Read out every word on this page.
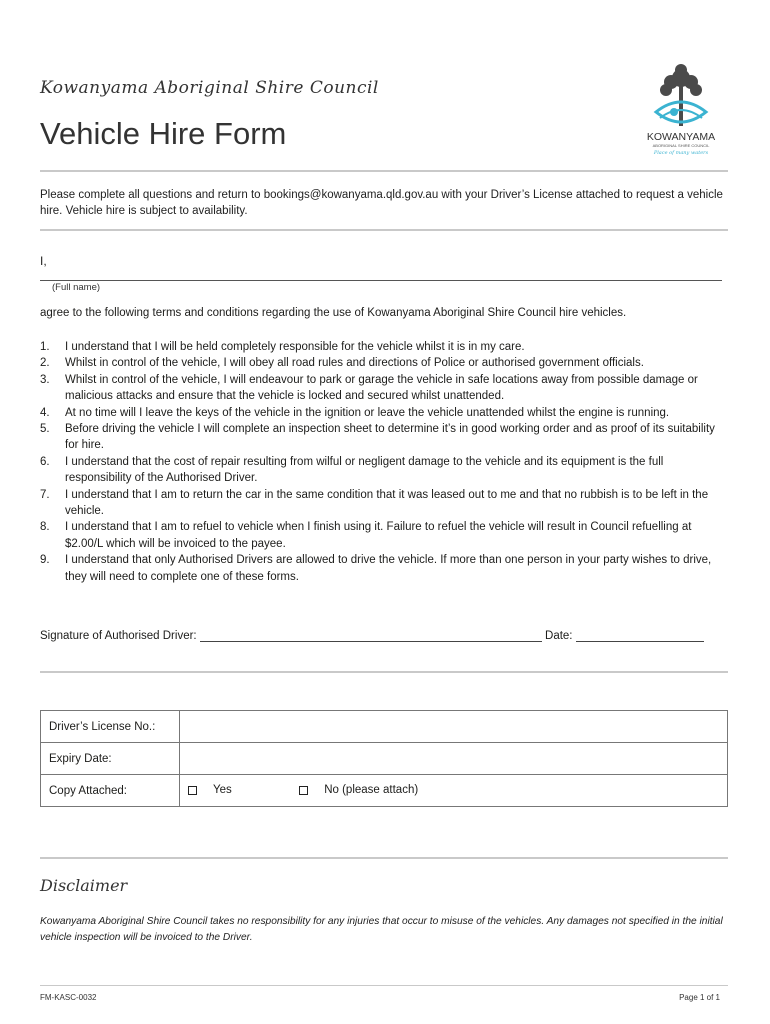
Kowanyama Aboriginal Shire Council
Vehicle Hire Form	KOWANYAMA
ABORIGINAL SHIRE COUNCIL
Place of many waters
Please complete all questions and return to bookings@kowanyama.qld.gov.au with your Driver’s License attached to request a vehicle hire. Vehicle hire is subject to availability.
I,
(Full name)
agree to the following terms and conditions regarding the use of Kowanyama Aboriginal Shire Council hire vehicles.
1. I understand that I will be held completely responsible for the vehicle whilst it is in my care.
2. Whilst in control of the vehicle, I will obey all road rules and directions of Police or authorised government officials.
3. Whilst in control of the vehicle, I will endeavour to park or garage the vehicle in safe locations away from possible damage or malicious attacks and ensure that the vehicle is locked and secured whilst unattended.
4. At no time will I leave the keys of the vehicle in the ignition or leave the vehicle unattended whilst the engine is running.
5. Before driving the vehicle I will complete an inspection sheet to determine it’s in good working order and as proof of its suitability for hire.
6. I understand that the cost of repair resulting from wilful or negligent damage to the vehicle and its equipment is the full responsibility of the Authorised Driver.
7. I understand that I am to return the car in the same condition that it was leased out to me and that no rubbish is to be left in the vehicle.
8. I understand that I am to refuel to vehicle when I finish using it. Failure to refuel the vehicle will result in Council refuelling at $2.00/L which will be invoiced to the payee.
9. I understand that only Authorised Drivers are allowed to drive the vehicle. If more than one person in your party wishes to drive, they will need to complete one of these forms.
Signature of Authorised Driver:	Date:
Driver’s License No.:	
Expiry Date:	
Copy Attached:	Yes No (please attach)
Disclaimer
Kowanyama Aboriginal Shire Council takes no responsibility for any injuries that occur to misuse of the vehicles. Any damages not specified in the initial vehicle inspection will be invoiced to the Driver.
FM-KASC-0032	Page 1 of 1
